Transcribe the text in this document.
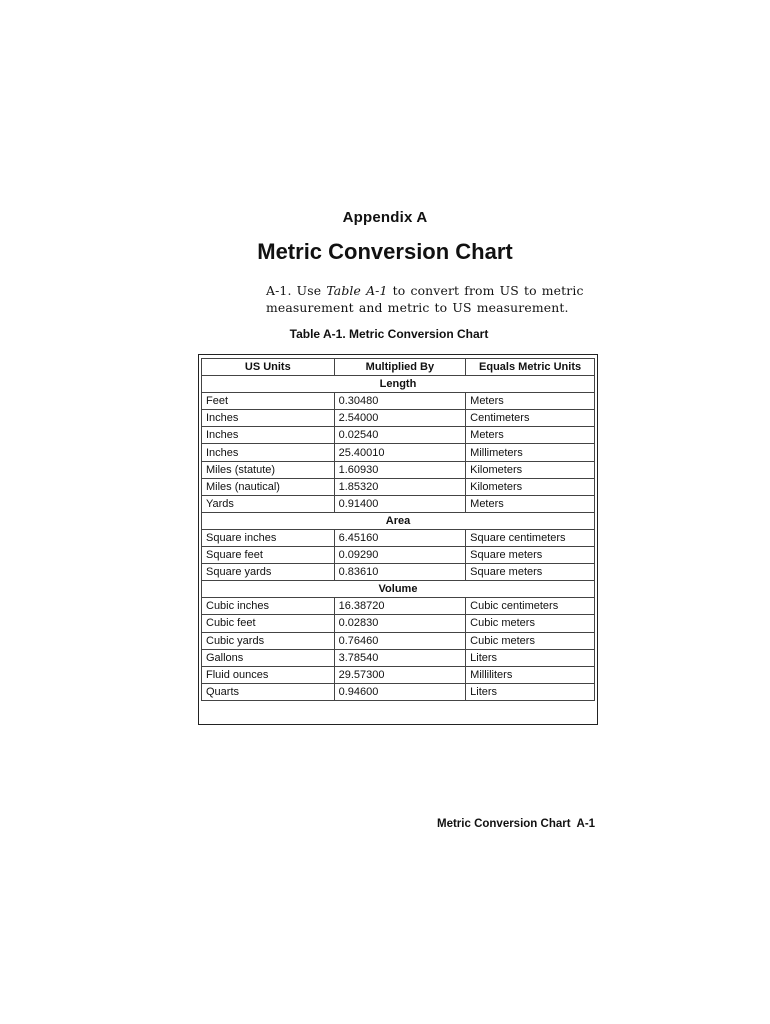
Appendix A
Metric Conversion Chart
A-1. Use Table A-1 to convert from US to metric measurement and metric to US measurement.
Table A-1. Metric Conversion Chart
US Units	Multiplied By	Equals Metric Units
Length		
Feet	0.30480	Meters
Inches	2.54000	Centimeters
Inches	0.02540	Meters
Inches	25.40010	Millimeters
Miles (statute)	1.60930	Kilometers
Miles (nautical)	1.85320	Kilometers
Yards	0.91400	Meters
Area		
Square inches	6.45160	Square centimeters
Square feet	0.09290	Square meters
Square yards	0.83610	Square meters
Volume		
Cubic inches	16.38720	Cubic centimeters
Cubic feet	0.02830	Cubic meters
Cubic yards	0.76460	Cubic meters
Gallons	3.78540	Liters
Fluid ounces	29.57300	Milliliters
Quarts	0.94600	Liters
Metric Conversion Chart  A-1
